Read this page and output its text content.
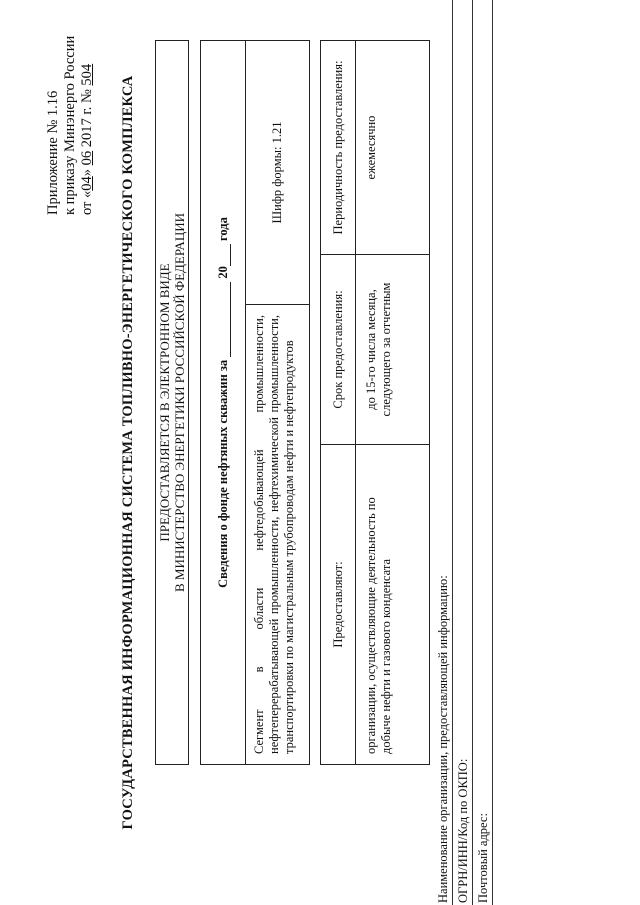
Приложение № 1.16 к приказу Минэнерго России от «04» 06 2017 г. № 504
ГОСУДАРСТВЕННАЯ ИНФОРМАЦИОННАЯ СИСТЕМА ТОПЛИВНО-ЭНЕРГЕТИЧЕСКОГО КОМПЛЕКСА ПРЕДОСТАВЛЯЕТСЯ В ЭЛЕКТРОННОМ ВИДЕ В МИНИСТЕРСТВО ЭНЕРГЕТИКИ РОССИЙСКОЙ ФЕДЕРАЦИИ Сведения о фонде нефтяных скважин за

20

года
Сегмент в области нефтедобывающей промышленности, нефтеперерабатывающей промышленности, нефтехимической промышленности, транспортировки по магистральным трубопроводам нефти и нефтепродуктов
Шифр формы: 1.21
Предоставляют:
Срок предоставления:
Периодичность предоставления:
организации, осуществляющие деятельность по добыче нефти и газового конденсата
до 15-го числа месяца, следующего за отчетным
ежемесячно
Наименование организации, предоставляющей информацию: ОГРН/ИНН/Код по ОКПО: Почтовый адрес:
